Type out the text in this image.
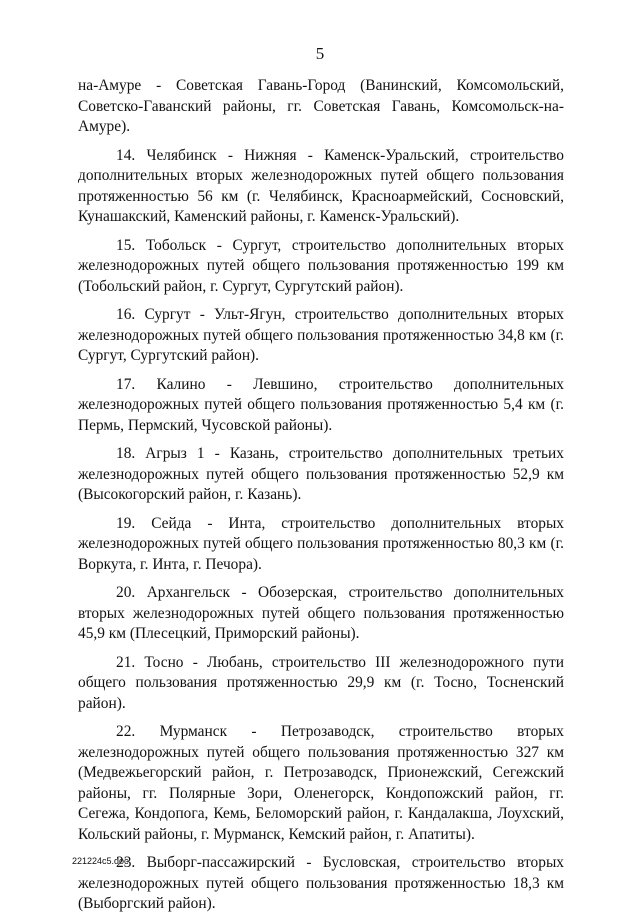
5

на-Амуре - Советская Гавань-Город (Ванинский, Комсомольский, Советско-Гаванский районы, гг. Советская Гавань, Комсомольск-на-Амуре).

14. Челябинск - Нижняя - Каменск-Уральский, строительство дополнительных вторых железнодорожных путей общего пользования протяженностью 56 км (г. Челябинск, Красноармейский, Сосновский, Кунашакский, Каменский районы, г. Каменск-Уральский).

15. Тобольск - Сургут, строительство дополнительных вторых железнодорожных путей общего пользования протяженностью 199 км (Тобольский район, г. Сургут, Сургутский район).

16. Сургут - Ульт-Ягун, строительство дополнительных вторых железнодорожных путей общего пользования протяженностью 34,8 км (г. Сургут, Сургутский район).

17. Калино - Левшино, строительство дополнительных железнодорожных путей общего пользования протяженностью 5,4 км (г. Пермь, Пермский, Чусовской районы).

18. Агрыз 1 - Казань, строительство дополнительных третьих железнодорожных путей общего пользования протяженностью 52,9 км (Высокогорский район, г. Казань).

19. Сейда - Инта, строительство дополнительных вторых железнодорожных путей общего пользования протяженностью 80,3 км (г. Воркута, г. Инта, г. Печора).

20. Архангельск - Обозерская, строительство дополнительных вторых железнодорожных путей общего пользования протяженностью 45,9 км (Плесецкий, Приморский районы).

21. Тосно - Любань, строительство III железнодорожного пути общего пользования протяженностью 29,9 км (г. Тосно, Тосненский район).

22. Мурманск - Петрозаводск, строительство вторых железнодорожных путей общего пользования протяженностью 327 км (Медвежьегорский район, г. Петрозаводск, Прионежский, Сегежский районы, гг. Полярные Зори, Оленегорск, Кондопожский район, гг. Сегежа, Кондопога, Кемь, Беломорский район, г. Кандалакша, Лоухский, Кольский районы, г. Мурманск, Кемский район, г. Апатиты).

23. Выборг-пассажирский - Бусловская, строительство вторых железнодорожных путей общего пользования протяженностью 18,3 км (Выборгский район).

221224c5.doc
